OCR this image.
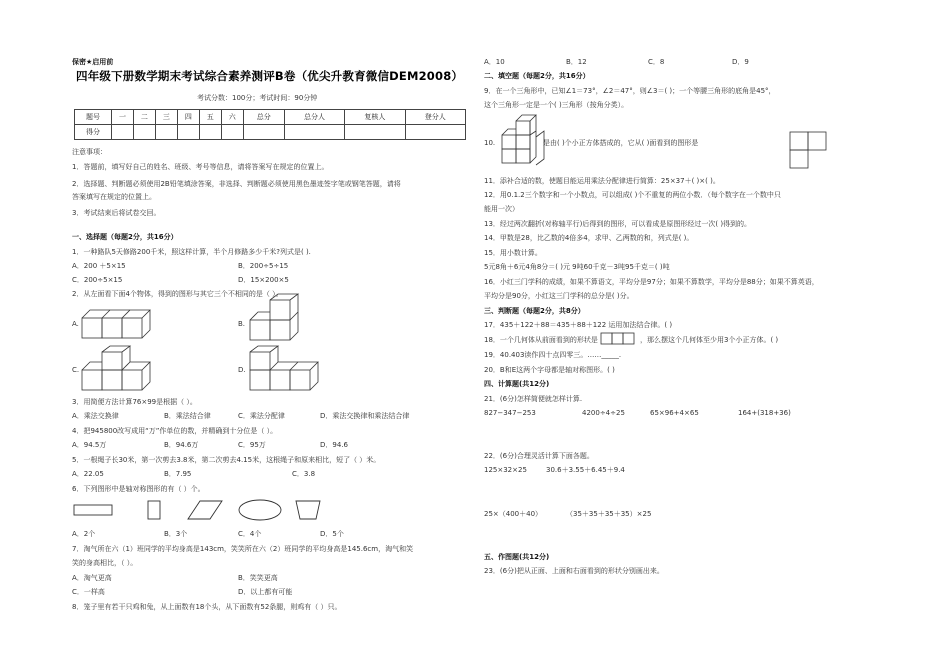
保密★启用前
四年级下册数学期末考试综合素养测评B卷（优尖升教育微信DEM2008）
考试分数：100分；考试时间：90分钟
题号	一	二	三	四	五	六	总分	总分人	复核人	登分人
得分										
注意事项：
1．答题前，填写好自己的姓名、班级、考号等信息，请将答案写在规定的位置上。
2．选择题、判断题必须使用2B铅笔填涂答案，非选择、判断题必须使用黑色墨迹签字笔或钢笔答题，请将
答案填写在规定的位置上。
3．考试结束后将试卷交回。
一、选择题（每题2分，共16分）
1．一种路队5天修路200千米，照这样计算，半个月修路多少千米?列式是( ).
A．200 ＋5×15	B．200÷5÷15
C．200÷5×15	D．15×200×5
2．从左面看下面4个物体，得到的图形与其它三个不相同的是（ ）。
A.	B.
C.	D.
3．用简便方法计算76×99是根据（ ）。
A．乘法交换律	B．乘法结合律	C．乘法分配律	D．乘法交换律和乘法结合律
4．把945800改写成用“万”作单位的数，并精确到十分位是（ ）。
A．94.5万	B．94.6万	C．95万	D．94.6
5．一根绳子长30米，第一次剪去3.8米，第二次剪去4.15米，这根绳子和原来相比，短了（ ）米。
A．22.05	B．7.95	C．3.8
6．下列图形中是轴对称图形的有（ ）个。
A．2个	B．3个	C．4个	D．5个
7．淘气所在六（1）班同学的平均身高是143cm，笑笑所在六（2）班同学的平均身高是145.6cm，淘气和笑
笑的身高相比，（ ）。
A．淘气更高	B．笑笑更高
C．一样高	D．以上都有可能
8．笼子里有若干只鸡和兔，从上面数有18个头，从下面数有52条腿，则鸡有（ ）只。
A．10	B．12	C．8	D．9
二、填空题（每题2分，共16分）
9．在一个三角形中，已知∠1＝73°，∠2＝47°，则∠3＝( )；一个等腰三角形的底角是45°，
这个三角形一定是一个( )三角形（按角分类）。
10.	是由( )个小正方体搭成的，它从( )面看到的图形是
11．添补合适的数，使题目能运用乘法分配律进行简算：25×37＋( )×( )。
12．用0.1.2三个数字和一个小数点，可以组成( )个不重复的两位小数．（每个数字在一个数中只
能用一次）
13．经过两次翻折(对称轴平行)后得到的图形，可以看成是原图形经过一次( )得到的。
14．甲数是28，比乙数的4倍多4，求甲、乙两数的和，列式是( )。
15．用小数计算。
5元8角＋6元4角8分＝( )元 9吨60千克－3吨95千克＝( )吨
16．小红三门学科的成绩，如果不算语文，平均分是97分；如果不算数学，平均分是88分；如果不算英语，
平均分是90分，小红这三门学科的总分是( )分。
三、判断题（每题2分，共8分）
17．435＋122＋88＝435＋88＋122 运用加法结合律。( )
18．一个几何体从前面看到的形状是	，那么摆这个几何体至少用3个小正方体。( )
19．40.403读作四十点四零三。……_____.
20．B和E这两个字母都是轴对称图形。( )
四、计算题(共12分)
21．(6分)怎样简便就怎样计算.
827−347−253	4200÷4÷25	65×96+4×65	164+(318+36)
22．(6分)合理灵活计算下面各题。
125×32×25	30.6＋3.55＋6.45＋9.4
25×（400＋40）	（35＋35＋35＋35）×25
五、作图题(共12分)
23．(6分)把从正面、上面和右面看到的形状分别画出来。
